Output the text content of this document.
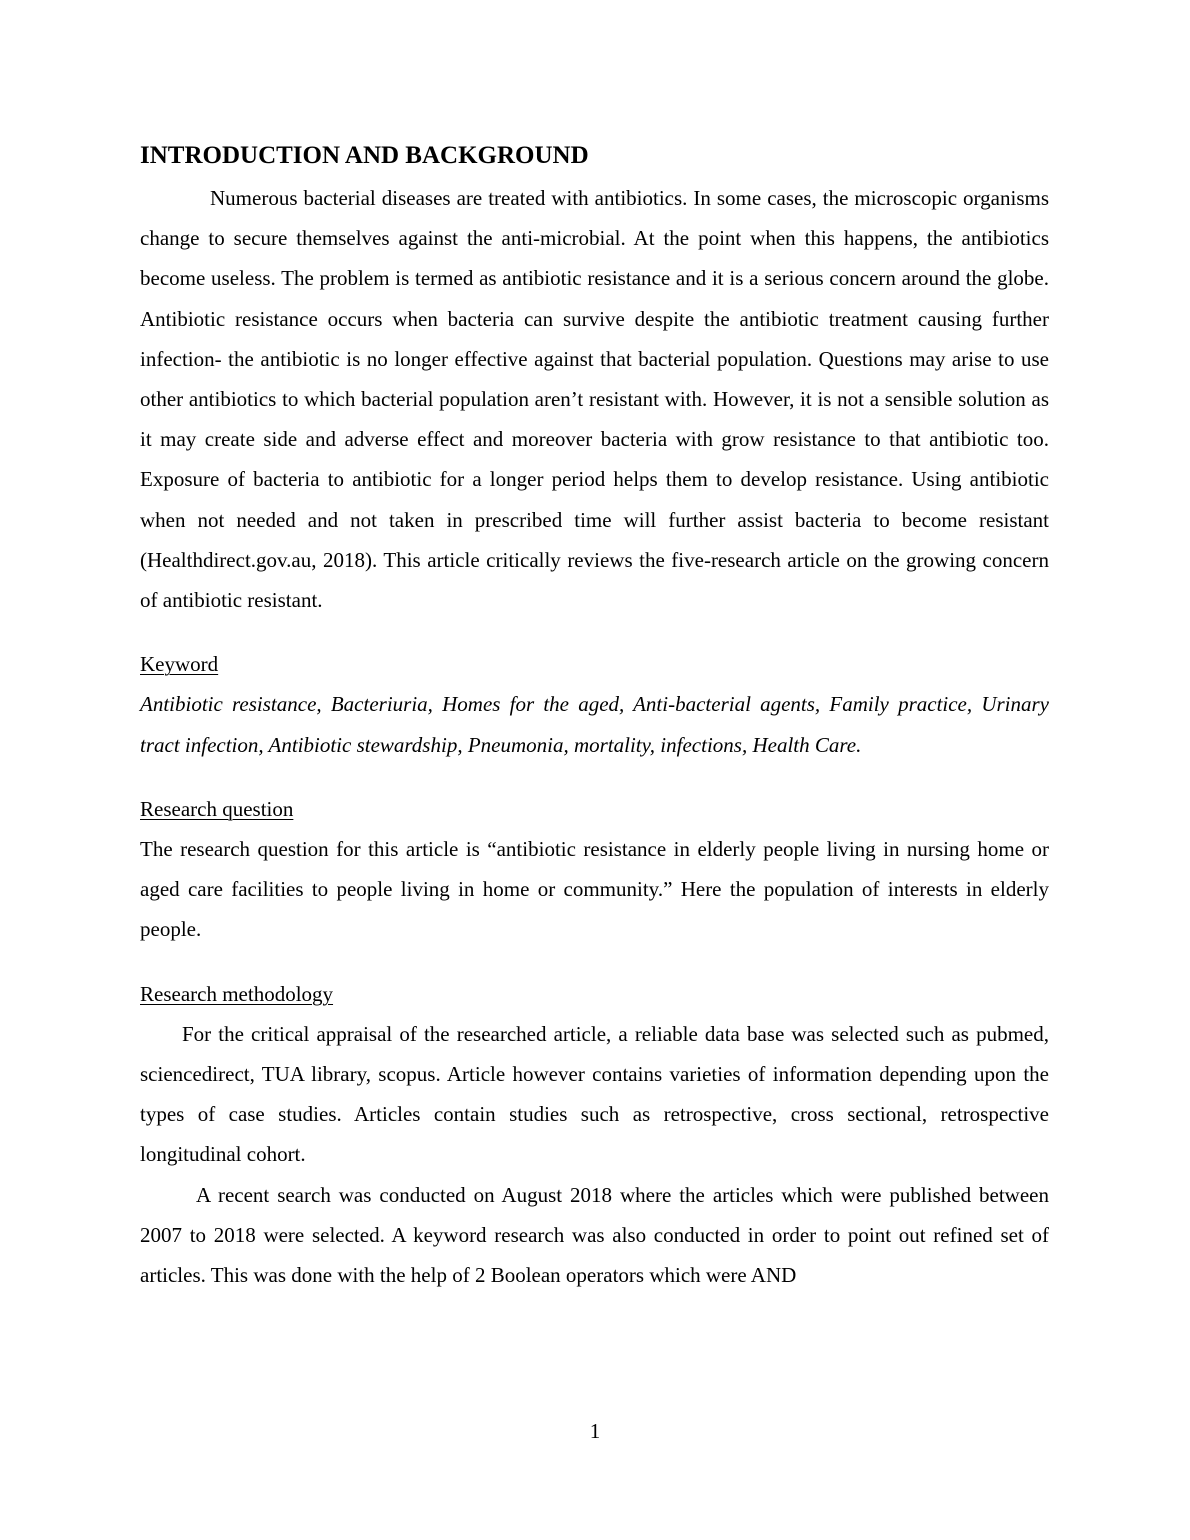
INTRODUCTION AND BACKGROUND

Numerous bacterial diseases are treated with antibiotics. In some cases, the microscopic organisms change to secure themselves against the anti-microbial. At the point when this happens, the antibiotics become useless. The problem is termed as antibiotic resistance and it is a serious concern around the globe. Antibiotic resistance occurs when bacteria can survive despite the antibiotic treatment causing further infection- the antibiotic is no longer effective against that bacterial population. Questions may arise to use other antibiotics to which bacterial population aren’t resistant with. However, it is not a sensible solution as it may create side and adverse effect and moreover bacteria with grow resistance to that antibiotic too. Exposure of bacteria to antibiotic for a longer period helps them to develop resistance. Using antibiotic when not needed and not taken in prescribed time will further assist bacteria to become resistant (Healthdirect.gov.au, 2018). This article critically reviews the five-research article on the growing concern of antibiotic resistant.

Keyword

Antibiotic resistance, Bacteriuria, Homes for the aged, Anti-bacterial agents, Family practice, Urinary tract infection, Antibiotic stewardship, Pneumonia, mortality, infections, Health Care.

Research question

The research question for this article is “antibiotic resistance in elderly people living in nursing home or aged care facilities to people living in home or community.” Here the population of interests in elderly people.

Research methodology

For the critical appraisal of the researched article, a reliable data base was selected such as pubmed, sciencedirect, TUA library, scopus. Article however contains varieties of information depending upon the types of case studies. Articles contain studies such as retrospective, cross sectional, retrospective longitudinal cohort.

A recent search was conducted on August 2018 where the articles which were published between 2007 to 2018 were selected. A keyword research was also conducted in order to point out refined set of articles. This was done with the help of 2 Boolean operators which were AND

1
